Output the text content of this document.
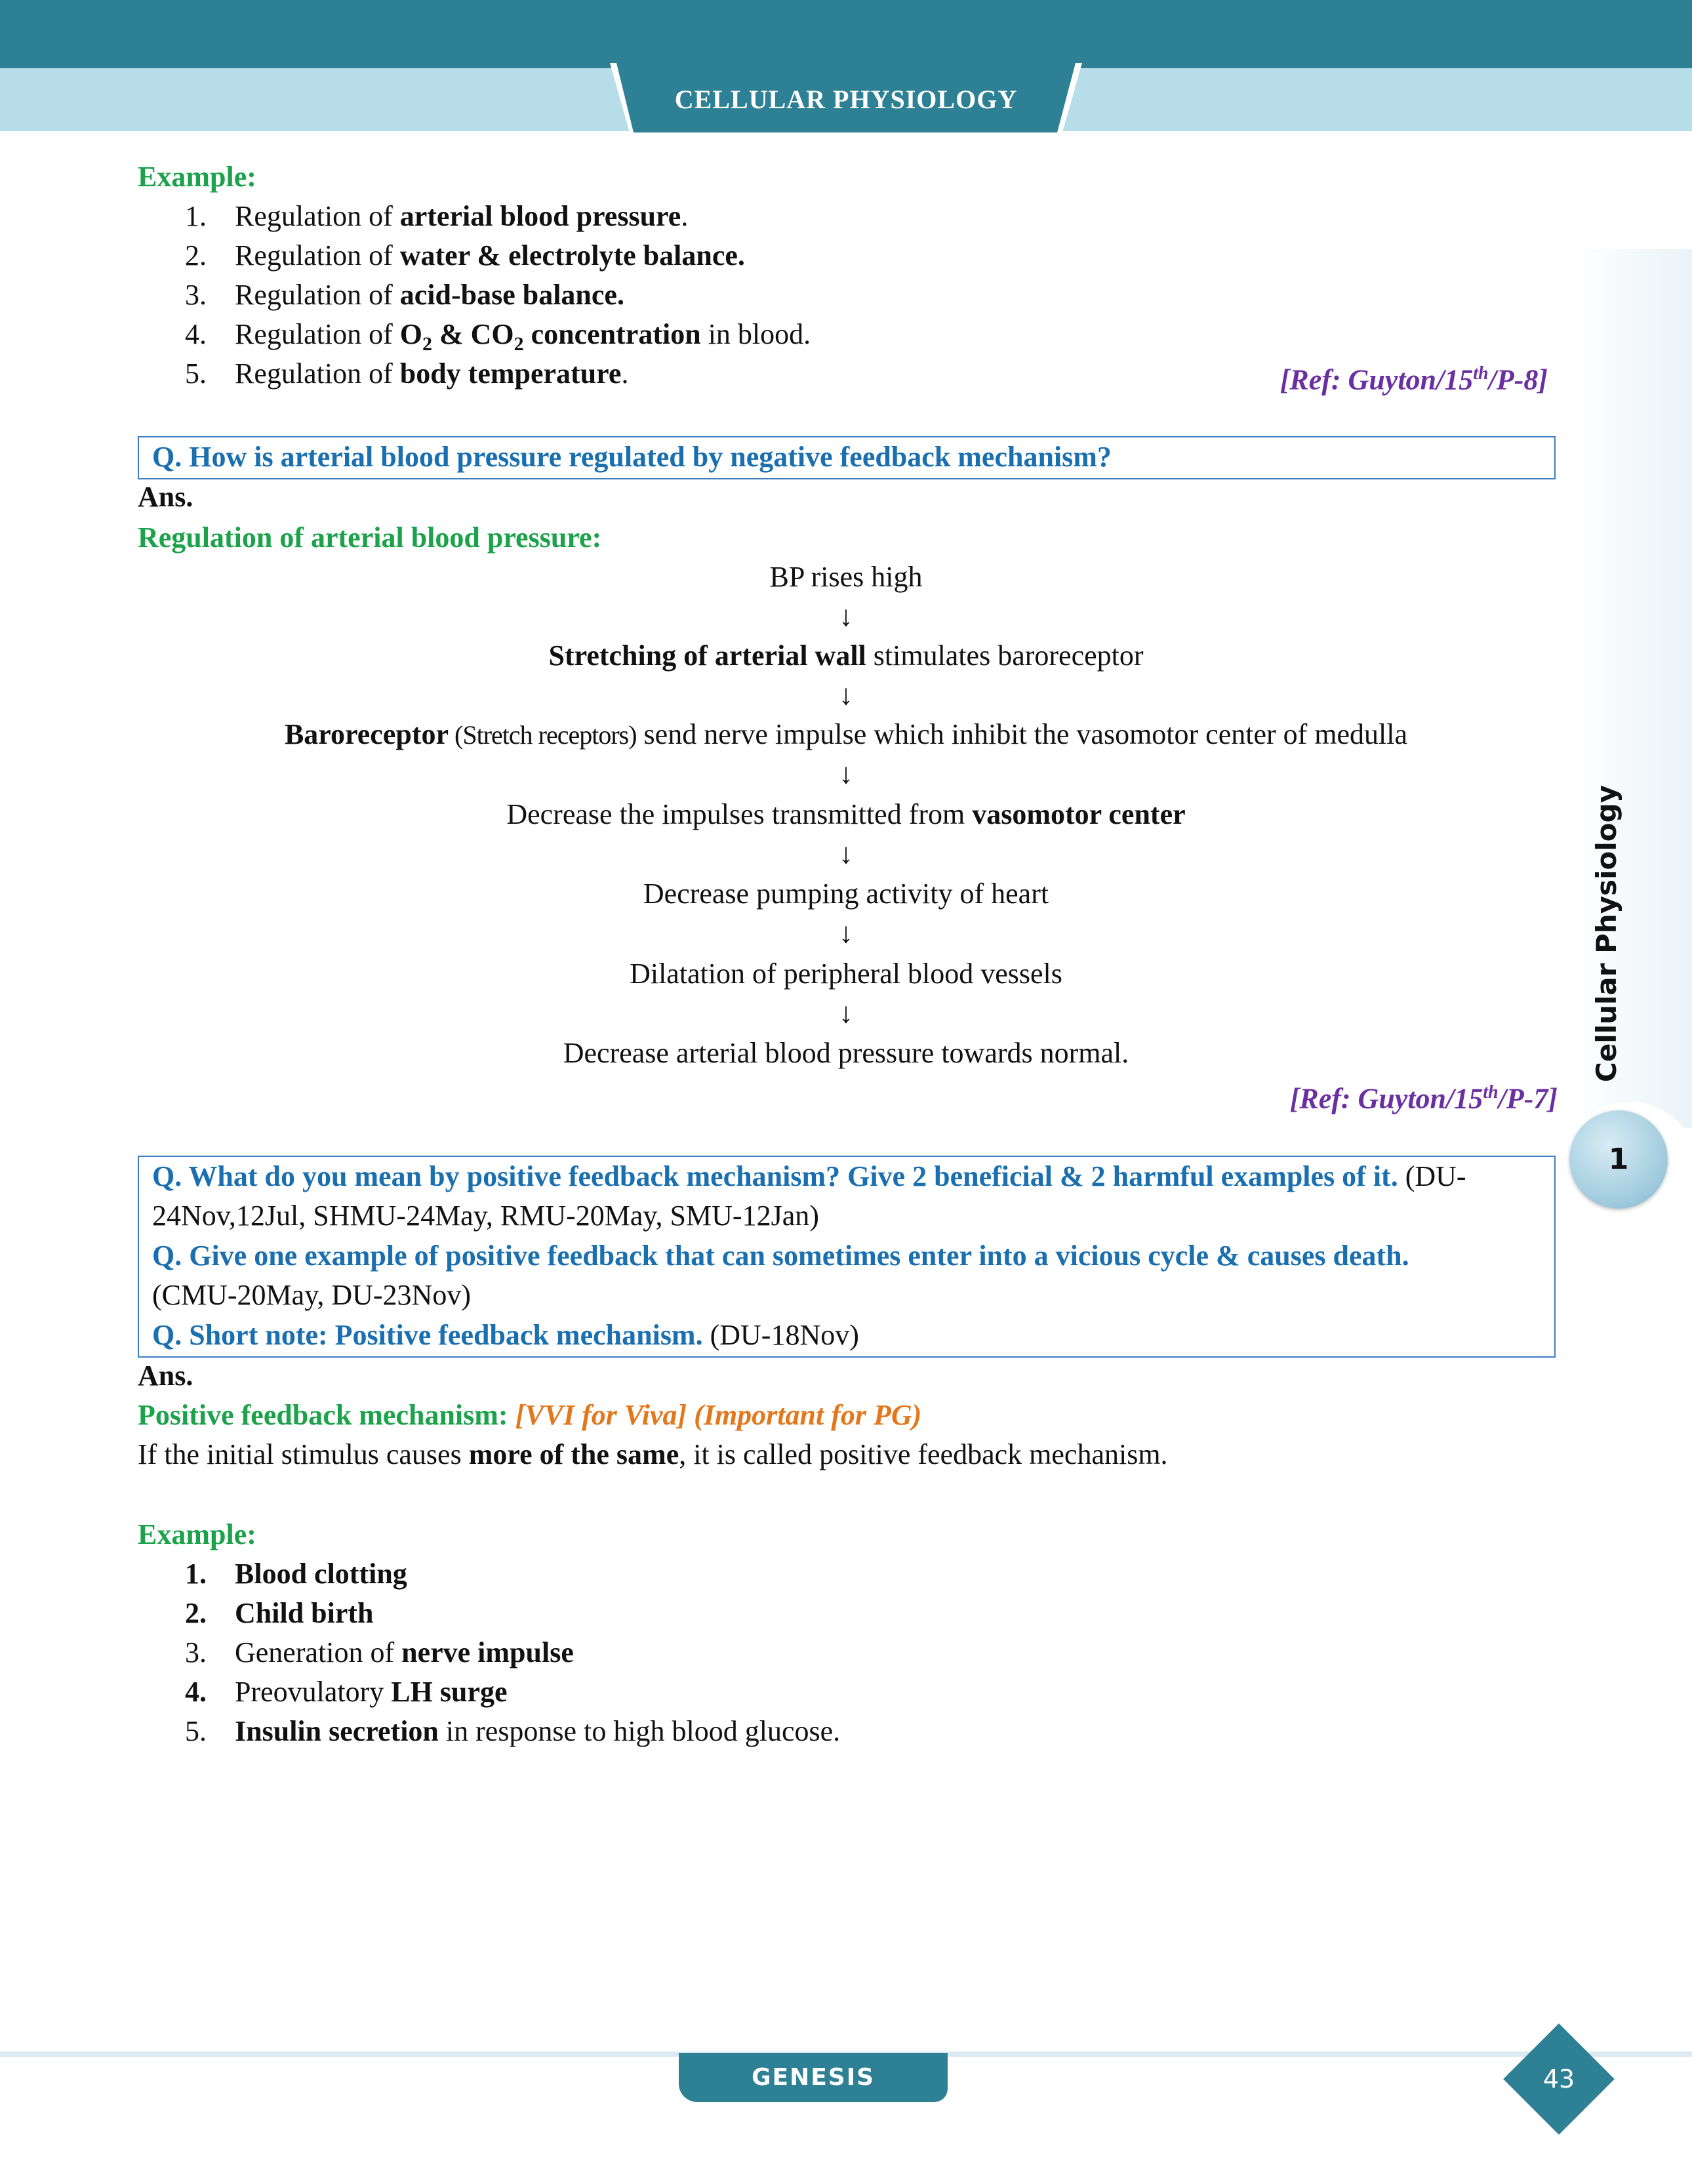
CELLULAR PHYSIOLOGY
Cellular Physiology
1
Example:
1. Regulation of arterial blood pressure.
2. Regulation of water & electrolyte balance.
3. Regulation of acid-base balance.
4. Regulation of $O_2$ & $CO_2$ concentration in blood.
5. Regulation of body temperature.	[Ref: Guyton/15th/P-8]
Q. How is arterial blood pressure regulated by negative feedback mechanism?
Ans.
Regulation of arterial blood pressure:
BP rises high
↓
Stretching of arterial wall stimulates baroreceptor
↓
Baroreceptor (Stretch receptors) send nerve impulse which inhibit the vasomotor center of medulla
↓
Decrease the impulses transmitted from vasomotor center
↓
Decrease pumping activity of heart
↓
Dilatation of peripheral blood vessels
↓
Decrease arterial blood pressure towards normal.
[Ref: Guyton/15th/P-7]
Q. What do you mean by positive feedback mechanism? Give 2 beneficial & 2 harmful examples of it. (DU-
24Nov,12Jul, SHMU-24May, RMU-20May, SMU-12Jan)
Q. Give one example of positive feedback that can sometimes enter into a vicious cycle & causes death.
(CMU-20May, DU-23Nov)
Q. Short note: Positive feedback mechanism. (DU-18Nov)
Ans.
Positive feedback mechanism: [VVI for Viva] (Important for PG)
If the initial stimulus causes more of the same, it is called positive feedback mechanism.
Example:
1. Blood clotting
2. Child birth
3. Generation of nerve impulse
4. Preovulatory LH surge
5. Insulin secretion in response to high blood glucose.
GENESIS	43
